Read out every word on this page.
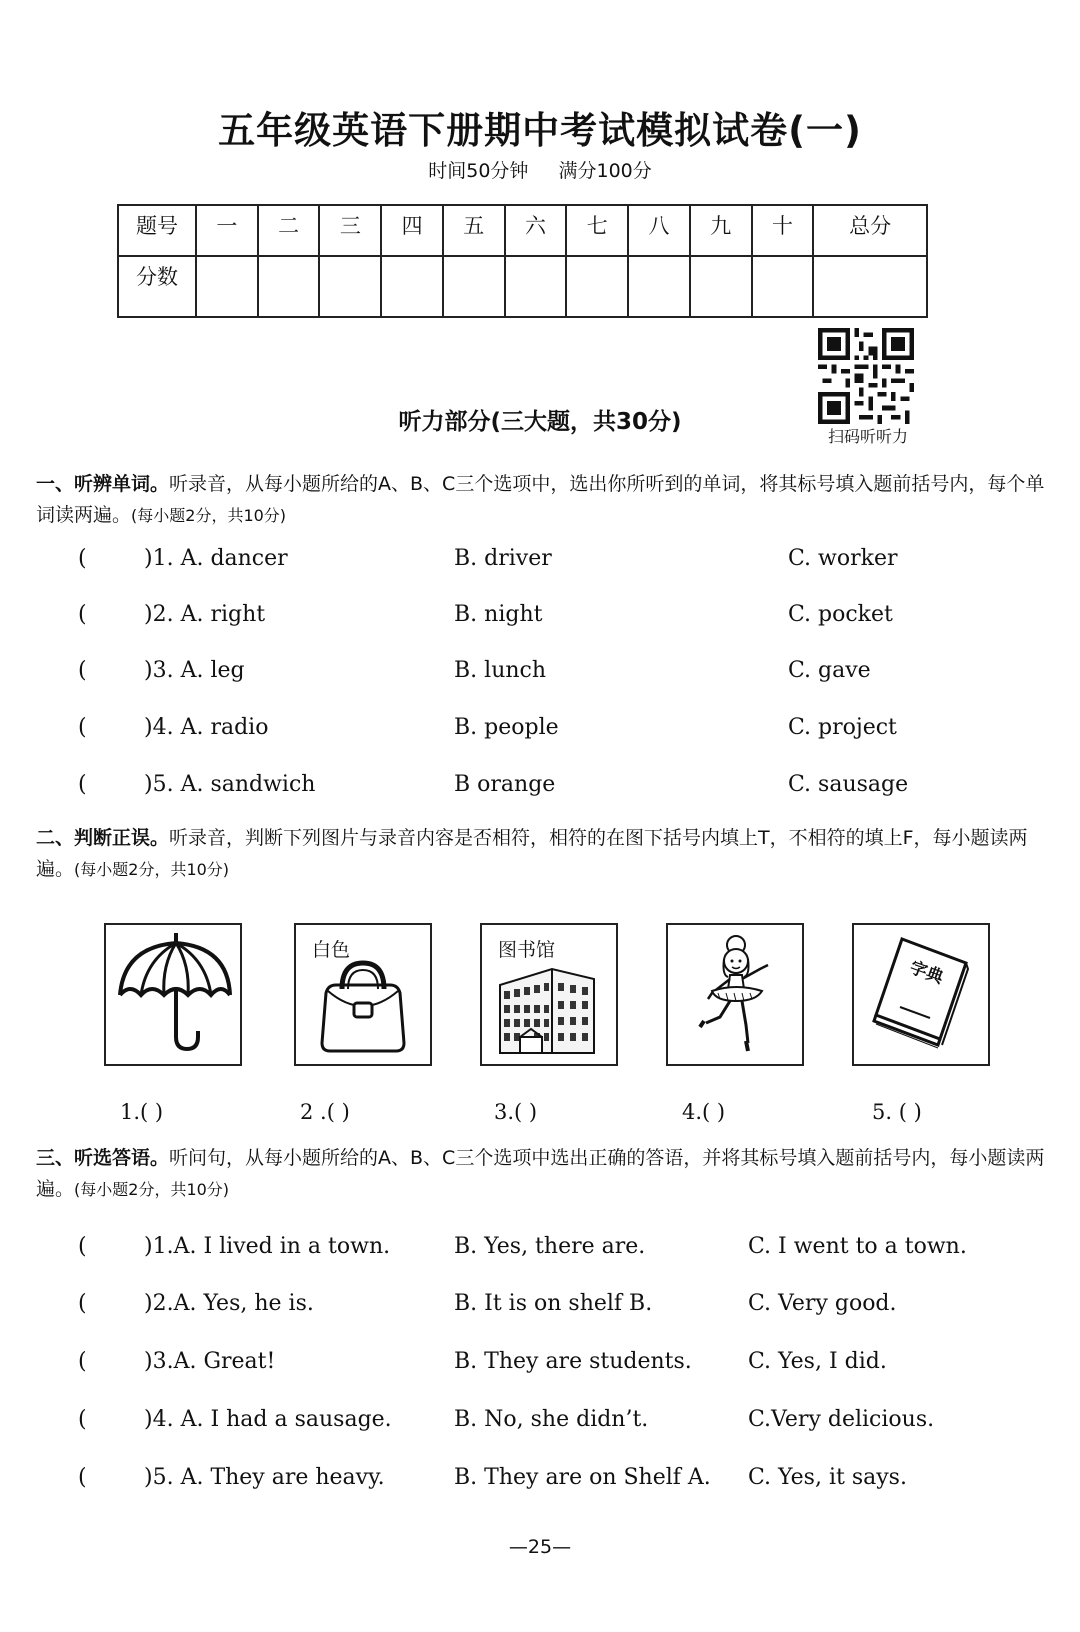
五年级英语下册期中考试模拟试卷(一)
时间50分钟 满分100分
题号	一	二	三	四	五	六	七	八	九	十	总分
分数											
扫码听听力
听力部分(三大题，共30分)
一、听辨单词。听录音，从每小题所给的A、B、C三个选项中，选出你所听到的单词，将其标号填入题前括号内，每个单词读两遍。(每小题2分，共10分)
(	)1. A. dancer	B. driver	C. worker
(	)2. A. right	B. night	C. pocket
(	)3. A. leg	B. lunch	C. gave
(	)4. A. radio	B. people	C. project
(	)5. A. sandwich	B orange	C. sausage
二、判断正误。听录音，判断下列图片与录音内容是否相符，相符的在图下括号内填上T，不相符的填上F，每小题读两遍。(每小题2分，共10分)
白色	图书馆
字典
1.( )	2 .( )	3.( )	4.( )	5. ( )
三、听选答语。听问句，从每小题所给的A、B、C三个选项中选出正确的答语，并将其标号填入题前括号内，每小题读两遍。(每小题2分，共10分)
(	)1.A. I lived in a town.	B. Yes, there are.	C. I went to a town.
(	)2.A. Yes, he is.	B. It is on shelf B.	C. Very good.
(	)3.A. Great!	B. They are students.	C. Yes, I did.
(	)4. A. I had a sausage.	B. No, she didn’t.	C.Very delicious.
(	)5. A. They are heavy.	B. They are on Shelf A. C. Yes, it says.
—25—
